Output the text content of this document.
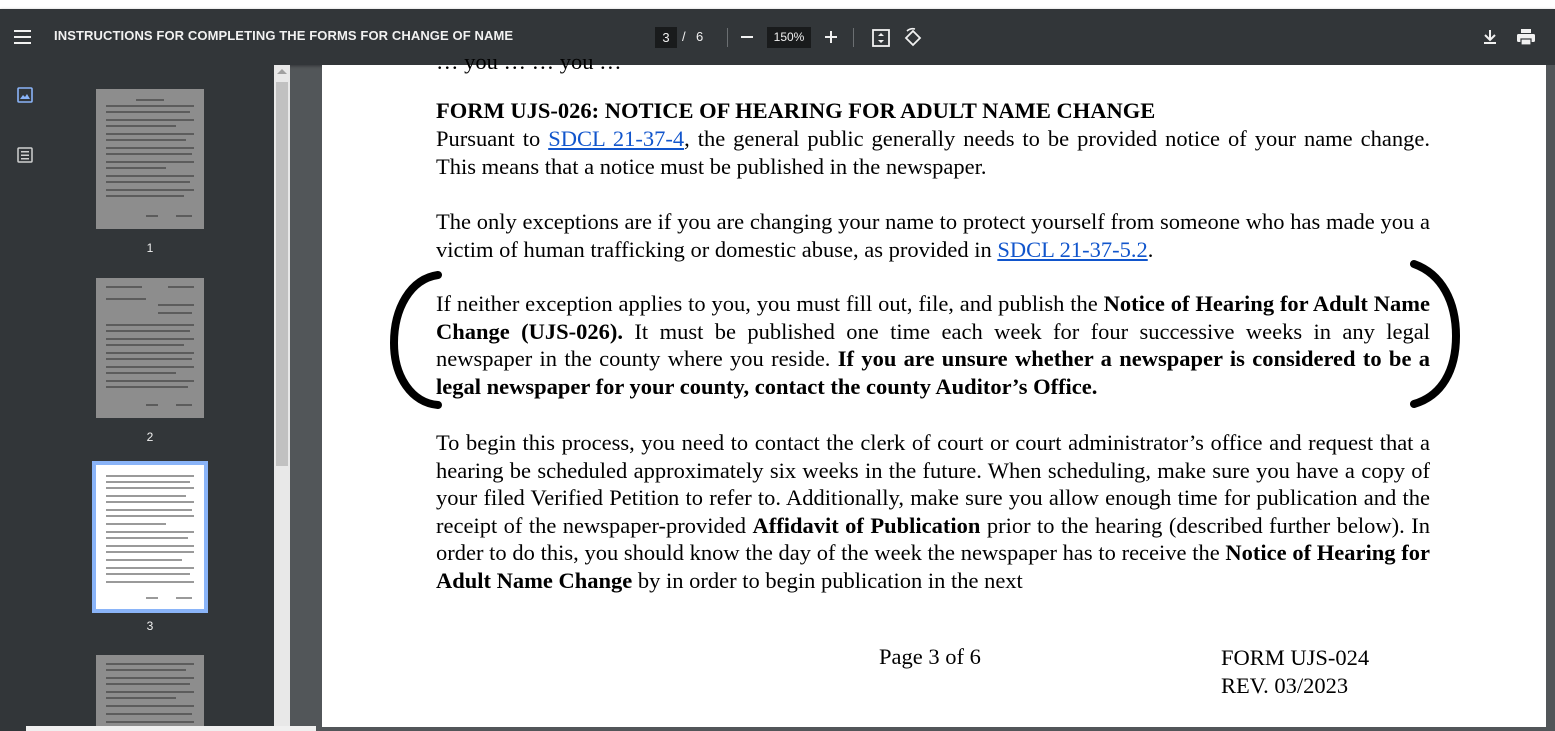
INSTRUCTIONS FOR COMPLETING THE FORMS FOR CHANGE OF NAME	3 / 6	150%
1
2
3
… you … … you …
FORM UJS-026: NOTICE OF HEARING FOR ADULT NAME CHANGE
Pursuant to SDCL 21-37-4, the general public generally needs to be provided notice of your name change. This means that a notice must be published in the newspaper.
The only exceptions are if you are changing your name to protect yourself from someone who has made you a victim of human trafficking or domestic abuse, as provided in SDCL 21-37-5.2.
If neither exception applies to you, you must fill out, file, and publish the Notice of Hearing for Adult Name Change (UJS-026). It must be published one time each week for four successive weeks in any legal newspaper in the county where you reside. If you are unsure whether a newspaper is considered to be a legal newspaper for your county, contact the county Auditor’s Office.
To begin this process, you need to contact the clerk of court or court administrator’s office and request that a hearing be scheduled approximately six weeks in the future. When scheduling, make sure you have a copy of your filed Verified Petition to refer to. Additionally, make sure you allow enough time for publication and the receipt of the newspaper-provided Affidavit of Publication prior to the hearing (described further below). In order to do this, you should know the day of the week the newspaper has to receive the Notice of Hearing for Adult Name Change by in order to begin publication in the next
Page 3 of 6	FORM UJS-024
REV. 03/2023
